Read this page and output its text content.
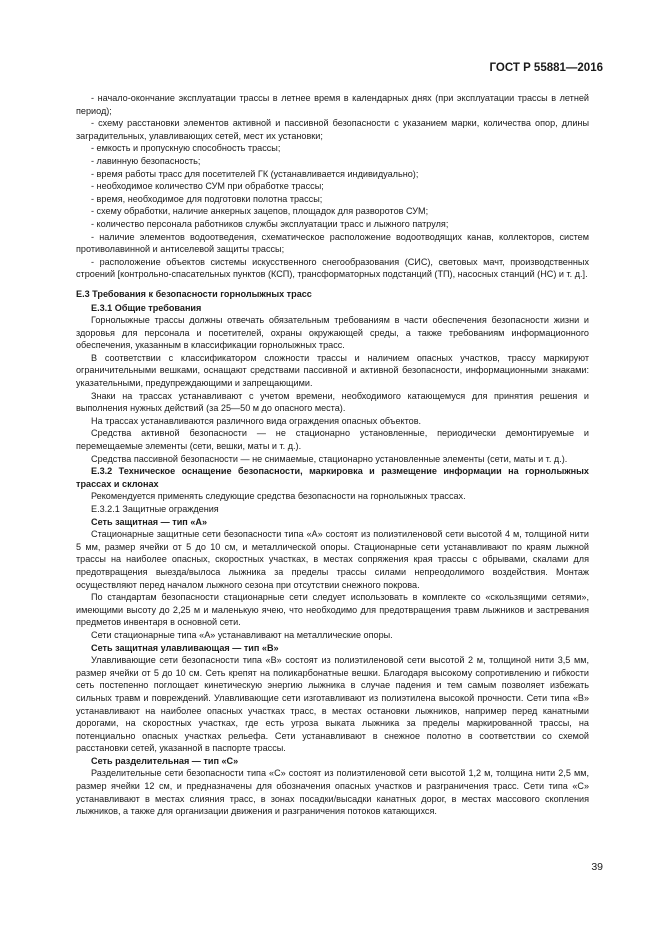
ГОСТ Р 55881—2016

- начало-окончание эксплуатации трассы в летнее время в календарных днях (при эксплуатации трассы в летней период);

- схему расстановки элементов активной и пассивной безопасности с указанием марки, количества опор, длины заградительных, улавливающих сетей, мест их установки;

- емкость и пропускную способность трассы;

- лавинную безопасность;

- время работы трасс для посетителей ГК (устанавливается индивидуально);

- необходимое количество СУМ при обработке трассы;

- время, необходимое для подготовки полотна трассы;

- схему обработки, наличие анкерных зацепов, площадок для разворотов СУМ;

- количество персонала работников службы эксплуатации трасс и лыжного патруля;

- наличие элементов водоотведения, схематическое расположение водоотводящих канав, коллекторов, систем противолавинной и антиселевой защиты трассы;

- расположение объектов системы искусственного снегообразования (СИС), световых мачт, производственных строений [контрольно-спасательных пунктов (КСП), трансформаторных подстанций (ТП), насосных станций (НС) и т. д.].

Е.3 Требования к безопасности горнолыжных трасс

Е.3.1 Общие требования

Горнолыжные трассы должны отвечать обязательным требованиям в части обеспечения безопасности жизни и здоровья для персонала и посетителей, охраны окружающей среды, а также требованиям информационного обеспечения, указанным в классификации горнолыжных трасс.

В соответствии с классификатором сложности трассы и наличием опасных участков, трассу маркируют ограничительными вешками, оснащают средствами пассивной и активной безопасности, информационными знаками: указательными, предупреждающими и запрещающими.

Знаки на трассах устанавливают с учетом времени, необходимого катающемуся для принятия решения и выполнения нужных действий (за 25—50 м до опасного места).

На трассах устанавливаются различного вида ограждения опасных объектов.

Средства активной безопасности — не стационарно установленные, периодически демонтируемые и перемещаемые элементы (сети, вешки, маты и т. д.).

Средства пассивной безопасности — не снимаемые, стационарно установленные элементы (сети, маты и т. д.).

Е.3.2 Техническое оснащение безопасности, маркировка и размещение информации на горнолыжных трассах и склонах

Рекомендуется применять следующие средства безопасности на горнолыжных трассах.

Е.3.2.1 Защитные ограждения

Сеть защитная — тип «А»

Стационарные защитные сети безопасности типа «А» состоят из полиэтиленовой сети высотой 4 м, толщиной нити 5 мм, размер ячейки от 5 до 10 см, и металлической опоры. Стационарные сети устанавливают по краям лыжной трассы на наиболее опасных, скоростных участках, в местах сопряжения края трассы с обрывами, скалами для предотвращения выезда/вылоса лыжника за пределы трассы силами непреодолимого воздействия. Монтаж осуществляют перед началом лыжного сезона при отсутствии снежного покрова.

По стандартам безопасности стационарные сети следует использовать в комплекте со «скользящими сетями», имеющими высоту до 2,25 м и маленькую ячею, что необходимо для предотвращения травм лыжников и застревания предметов инвентаря в основной сети.

Сети стационарные типа «А» устанавливают на металлические опоры.

Сеть защитная улавливающая — тип «В»

Улавливающие сети безопасности типа «В» состоят из полиэтиленовой сети высотой 2 м, толщиной нити 3,5 мм, размер ячейки от 5 до 10 см. Сеть крепят на поликарбонатные вешки. Благодаря высокому сопротивлению и гибкости сеть постепенно поглощает кинетическую энергию лыжника в случае падения и тем самым позволяет избежать сильных травм и повреждений. Улавливающие сети изготавливают из полиэтилена высокой прочности. Сети типа «В» устанавливают на наиболее опасных участках трасс, в местах остановки лыжников, например перед канатными дорогами, на скоростных участках, где есть угроза выката лыжника за пределы маркированной трассы, на потенциально опасных участках рельефа. Сети устанавливают в снежное полотно в соответствии со схемой расстановки сетей, указанной в паспорте трассы.

Сеть разделительная — тип «С»

Разделительные сети безопасности типа «С» состоят из полиэтиленовой сети высотой 1,2 м, толщина нити 2,5 мм, размер ячейки 12 см, и предназначены для обозначения опасных участков и разграничения трасс. Сети типа «С» устанавливают в местах слияния трасс, в зонах посадки/высадки канатных дорог, в местах массового скопления лыжников, а также для организации движения и разграничения потоков катающихся.

39
